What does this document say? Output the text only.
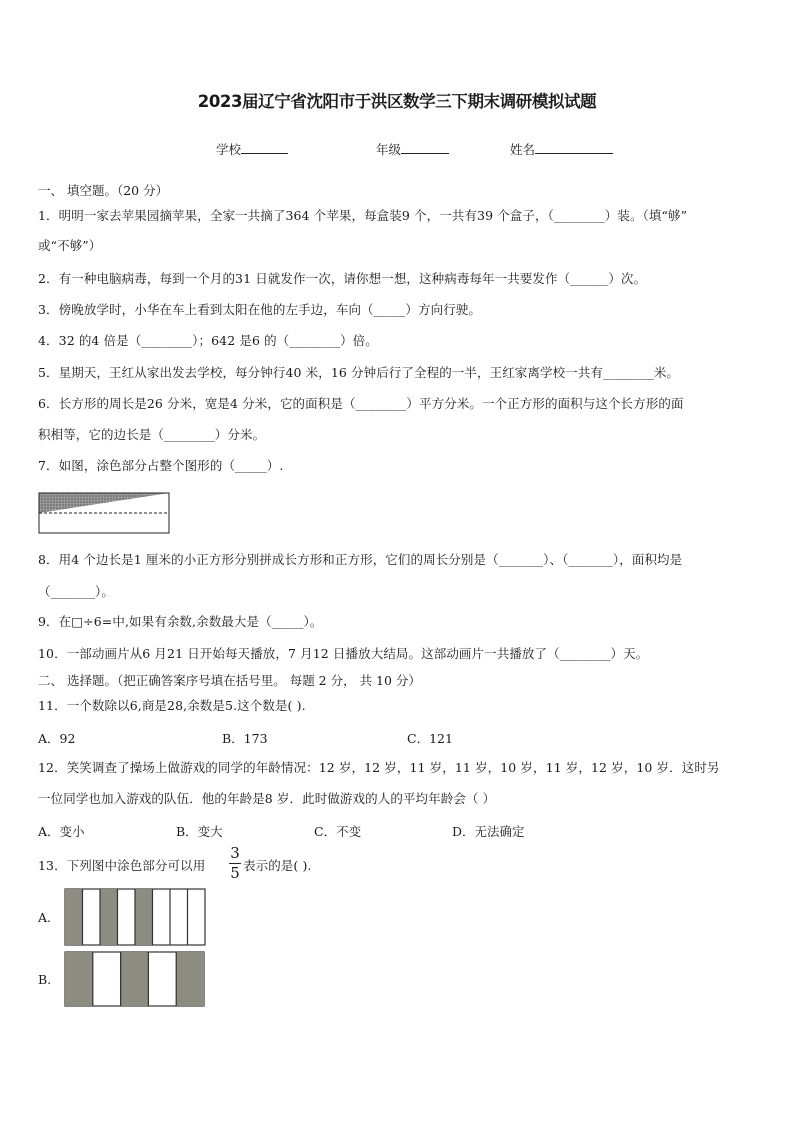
2023届辽宁省沈阳市于洪区数学三下期末调研模拟试题
学校	年级	姓名
一、 填空题。（20 分）
1．明明一家去苹果园摘苹果，全家一共摘了364 个苹果，每盒装9 个，一共有39 个盒子，（________）装。（填“够”
或“不够”）
2．有一种电脑病毒，每到一个月的31 日就发作一次，请你想一想，这种病毒每年一共要发作（______）次。
3．傍晚放学时，小华在车上看到太阳在他的左手边，车向（_____）方向行驶。
4．32 的4 倍是（________）；642 是6 的（________）倍。
5．星期天，王红从家出发去学校，每分钟行40 米，16 分钟后行了全程的一半，王红家离学校一共有________米。
6．长方形的周长是26 分米，宽是4 分米，它的面积是（________）平方分米。一个正方形的面积与这个长方形的面
积相等，它的边长是（________）分米。
7．如图，涂色部分占整个图形的（_____）.
8．用4 个边长是1 厘米的小正方形分别拼成长方形和正方形，它们的周长分别是（_______）、（_______），面积均是
（_______）。
9．在□÷6=中,如果有余数,余数最大是（_____）。
10．一部动画片从6 月21 日开始每天播放，7 月12 日播放大结局。这部动画片一共播放了（________）天。
二、 选择题。（把正确答案序号填在括号里。 每题 2 分， 共 10 分）
11．一个数除以6,商是28,余数是5.这个数是( ).
A．92	B．173	C．121
12．笑笑调查了操场上做游戏的同学的年龄情况：12 岁，12 岁，11 岁，11 岁，10 岁，11 岁，12 岁，10 岁．这时另
一位同学也加入游戏的队伍．他的年龄是8 岁．此时做游戏的人的平均年龄会（ ）
A．变小	B．变大	C．不变	D．无法确定
13．下列图中涂色部分可以用
3
5 表示的是( ).
A.
B.
